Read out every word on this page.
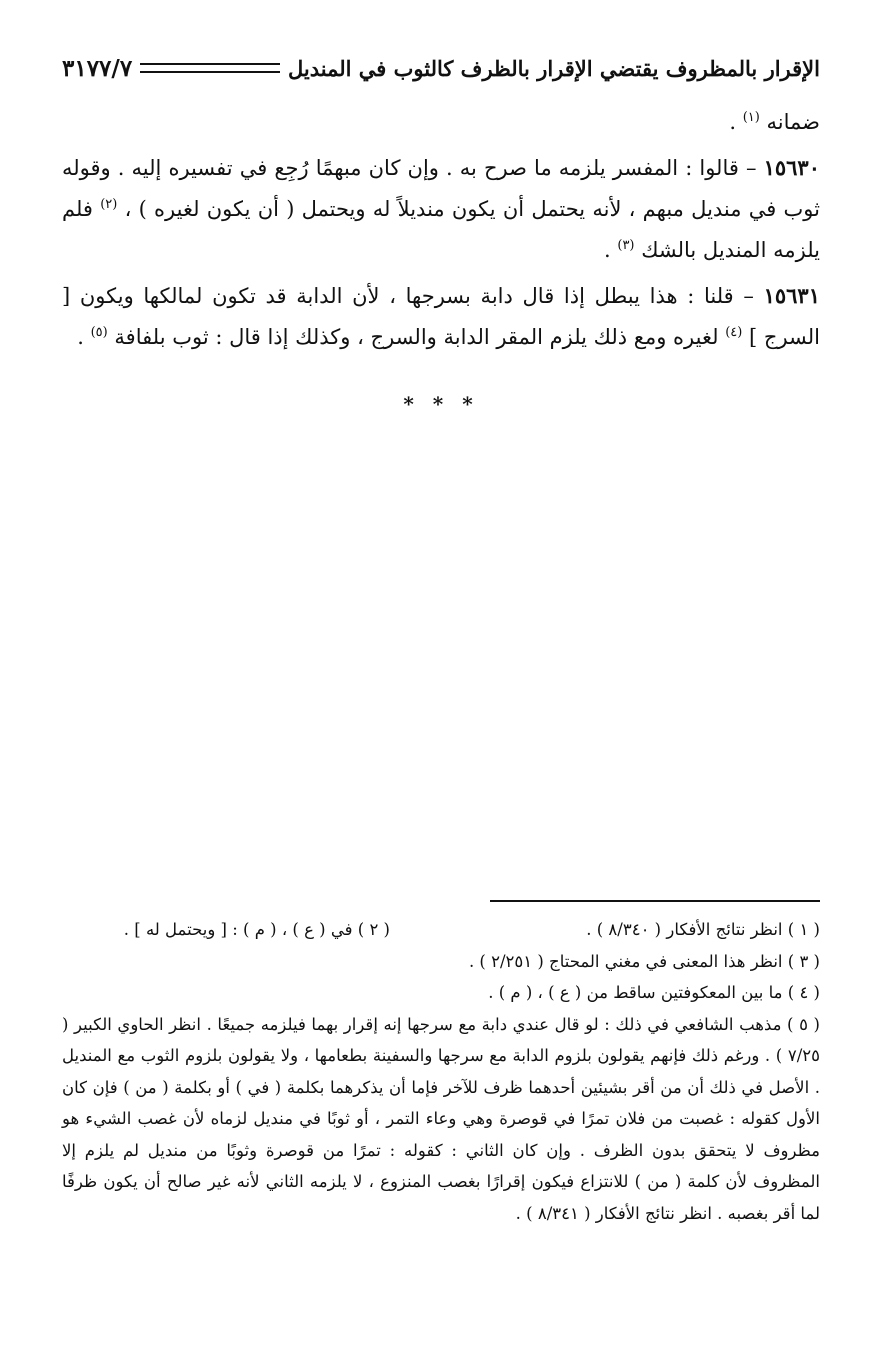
الإقرار بالمظروف يقتضي الإقرار بالظرف كالثوب في المنديل
٣١٧٧/٧

ضمانه $^{(١)}$ .

١٥٦٣٠ – قالوا : المفسر يلزمه ما صرح به . وإن كان مبهمًا رُجِع في تفسيره إليه . وقوله ثوب في منديل مبهم ، لأنه يحتمل أن يكون منديلاً له ويحتمل ( أن يكون لغيره ) ، $^{(٢)}$ فلم يلزمه المنديل بالشك $^{(٣)}$ .

١٥٦٣١ – قلنا : هذا يبطل إذا قال دابة بسرجها ، لأن الدابة قد تكون لمالكها ويكون [ السرج ] $^{(٤)}$ لغيره ومع ذلك يلزم المقر الدابة والسرج ، وكذلك إذا قال : ثوب بلفافة $^{(٥)}$ .

* * *
( ١ ) انظر نتائج الأفكار ( ٨/٣٤٠ ) .
( ٢ ) في ( ع ) ، ( م ) : [ ويحتمل له ] .

( ٣ ) انظر هذا المعنى في مغني المحتاج ( ٢/٢٥١ ) .

( ٤ ) ما بين المعكوفتين ساقط من ( ع ) ، ( م ) .

( ٥ ) مذهب الشافعي في ذلك : لو قال عندي دابة مع سرجها إنه إقرار بهما فيلزمه جميعًا . انظر الحاوي الكبير ( ٧/٢٥ ) . ورغم ذلك فإنهم يقولون بلزوم الدابة مع سرجها والسفينة بطعامها ، ولا يقولون بلزوم الثوب مع المنديل . الأصل في ذلك أن من أقر بشيئين أحدهما ظرف للآخر فإما أن يذكرهما بكلمة ( في ) أو بكلمة ( من ) فإن كان الأول كقوله : غصبت من فلان تمرًا في قوصرة وهي وعاء التمر ، أو ثوبًا في منديل لزماه لأن غصب الشيء هو مظروف لا يتحقق بدون الظرف . وإن كان الثاني : كقوله : تمرًا من قوصرة وثوبًا من منديل لم يلزم إلا المظروف لأن كلمة ( من ) للانتزاع فيكون إقرارًا بغصب المنزوع ، لا يلزمه الثاني لأنه غير صالح أن يكون ظرفًا لما أقر بغصبه . انظر نتائج الأفكار ( ٨/٣٤١ ) .
